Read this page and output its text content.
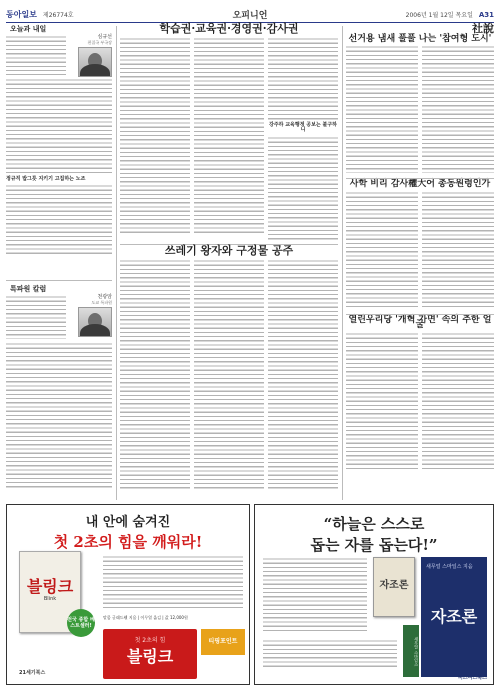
동아일보 제26774호	오피니언	2006년 1월 12일 목요일 A31
오늘과 내일
심규선
편집국 부국장
정규직 밥그릇 지키기 고집하는 노조
특파원 칼럼
천광암
도쿄 특파원
학습권·교육권·경영권·감사권
강주하 교육행정 공보는 불구하니
쓰레기 왕자와 구정물 공주
社說
선거용 냄새 풀풀 나는 '참여형 도시'
사학 비리 감사權大어 총동원령인가
열린우리당 '개혁 가면' 속의 추한 얼굴
내 안에 숨겨진
첫 2초의 힘을 깨워라!
블링크
Blink
전국 종합 베스트셀러!
말콤 글래드웰 지음 | 이무열 옮김 | 값 12,000원
첫 2초의 힘
블링크
티핑포인트
21세기북스
“하늘은 스스로
돕는 자를 돕는다!”
자조론
새무얼 스마일스 지음
자조론
새무얼 스마일스
비즈니스북스
